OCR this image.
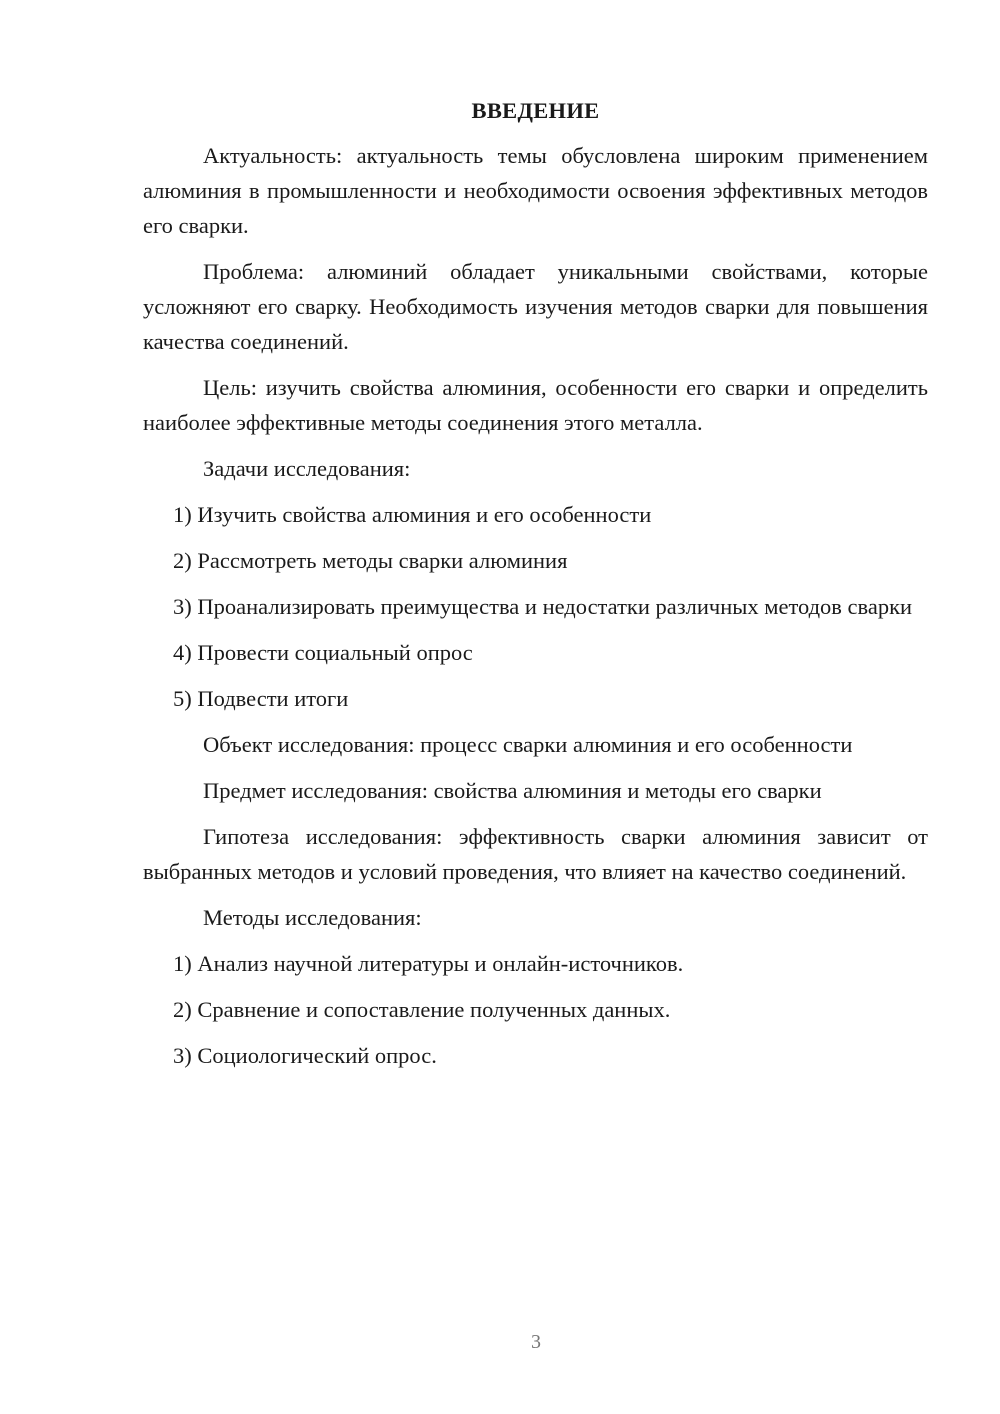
ВВЕДЕНИЕ

Актуальность: актуальность темы обусловлена широким применением алюминия в промышленности и необходимости освоения эффективных методов его сварки.

Проблема: алюминий обладает уникальными свойствами, которые усложняют его сварку. Необходимость изучения методов сварки для повышения качества соединений.

Цель: изучить свойства алюминия, особенности его сварки и определить наиболее эффективные методы соединения этого металла.

Задачи исследования:

1) Изучить свойства алюминия и его особенности

2) Рассмотреть методы сварки алюминия

3) Проанализировать преимущества и недостатки различных методов сварки

4) Провести социальный опрос

5) Подвести итоги

Объект исследования: процесс сварки алюминия и его особенности

Предмет исследования: свойства алюминия и методы его сварки

Гипотеза исследования: эффективность сварки алюминия зависит от выбранных методов и условий проведения, что влияет на качество соединений.

Методы исследования:

1) Анализ научной литературы и онлайн-источников.

2) Сравнение и сопоставление полученных данных.

3) Социологический опрос.

3
